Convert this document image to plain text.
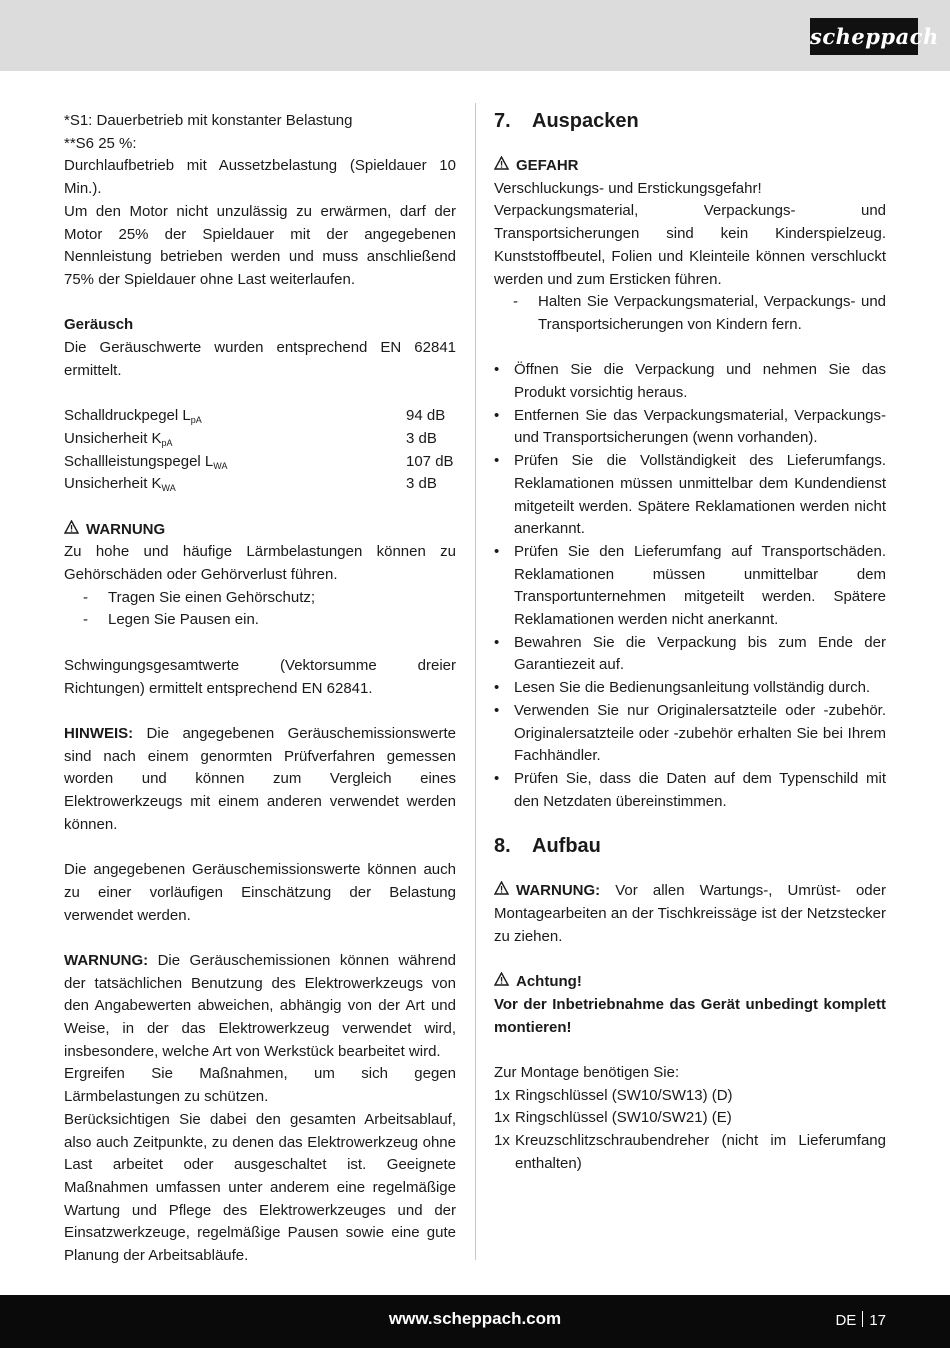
scheppach

*S1: Dauerbetrieb mit konstanter Belastung

**S6 25 %:

Durchlaufbetrieb mit Aussetzbelastung (Spieldauer 10 Min.).

Um den Motor nicht unzulässig zu erwärmen, darf der Motor 25% der Spieldauer mit der angegebenen Nennleistung betrieben werden und muss anschließend 75% der Spieldauer ohne Last weiterlaufen.

Geräusch

Die Geräuschwerte wurden entsprechend EN 62841 ermittelt.

Schalldruckpegel $L_{pA}$	94 dB
Unsicherheit $K_{pA}$	3 dB
Schallleistungspegel $L_{WA}$	107 dB
Unsicherheit $K_{WA}$	3 dB

WARNUNG

Zu hohe und häufige Lärmbelastungen können zu Gehörschäden oder Gehörverlust führen.

-	Tragen Sie einen Gehörschutz;
-	Legen Sie Pausen ein.

Schwingungsgesamtwerte (Vektorsumme dreier Richtungen) ermittelt entsprechend EN 62841.

HINWEIS: Die angegebenen Geräuschemissionswerte sind nach einem genormten Prüfverfahren gemessen worden und können zum Vergleich eines Elektrowerkzeugs mit einem anderen verwendet werden können.

Die angegebenen Geräuschemissionswerte können auch zu einer vorläufigen Einschätzung der Belastung verwendet werden.

WARNUNG: Die Geräuschemissionen können während der tatsächlichen Benutzung des Elektrowerkzeugs von den Angabewerten abweichen, abhängig von der Art und Weise, in der das Elektrowerkzeug verwendet wird, insbesondere, welche Art von Werkstück bearbeitet wird.

Ergreifen Sie Maßnahmen, um sich gegen Lärmbelastungen zu schützen.

Berücksichtigen Sie dabei den gesamten Arbeitsablauf, also auch Zeitpunkte, zu denen das Elektrowerkzeug ohne Last arbeitet oder ausgeschaltet ist. Geeignete Maßnahmen umfassen unter anderem eine regelmäßige Wartung und Pflege des Elektrowerkzeuges und der Einsatzwerkzeuge, regelmäßige Pausen sowie eine gute Planung der Arbeitsabläufe.

7.	Auspacken

GEFAHR

Verschluckungs- und Erstickungsgefahr!

Verpackungsmaterial, Verpackungs- und Transportsicherungen sind kein Kinderspielzeug. Kunststoffbeutel, Folien und Kleinteile können verschluckt werden und zum Ersticken führen.

-	Halten Sie Verpackungsmaterial, Verpackungs- und Transportsicherungen von Kindern fern.
• Öffnen Sie die Verpackung und nehmen Sie das Produkt vorsichtig heraus.
• Entfernen Sie das Verpackungsmaterial, Verpackungs- und Transportsicherungen (wenn vorhanden).
• Prüfen Sie die Vollständigkeit des Lieferumfangs. Reklamationen müssen unmittelbar dem Kundendienst mitgeteilt werden. Spätere Reklamationen werden nicht anerkannt.
• Prüfen Sie den Lieferumfang auf Transportschäden. Reklamationen müssen unmittelbar dem Transportunternehmen mitgeteilt werden. Spätere Reklamationen werden nicht anerkannt.
• Bewahren Sie die Verpackung bis zum Ende der Garantiezeit auf.
• Lesen Sie die Bedienungsanleitung vollständig durch.
• Verwenden Sie nur Originalersatzteile oder -zubehör. Originalersatzteile oder -zubehör erhalten Sie bei Ihrem Fachhändler.
• Prüfen Sie, dass die Daten auf dem Typenschild mit den Netzdaten übereinstimmen.

8.	Aufbau

WARNUNG: Vor allen Wartungs-, Umrüst- oder Montagearbeiten an der Tischkreissäge ist der Netzstecker zu ziehen.

Achtung!

Vor der Inbetriebnahme das Gerät unbedingt komplett montieren!

Zur Montage benötigen Sie:

1x Ringschlüssel (SW10/SW13) (D)
1x Ringschlüssel (SW10/SW21) (E)
1x Kreuzschlitzschraubendreher (nicht im Lieferumfang enthalten)
www.scheppach.com	DE 17
